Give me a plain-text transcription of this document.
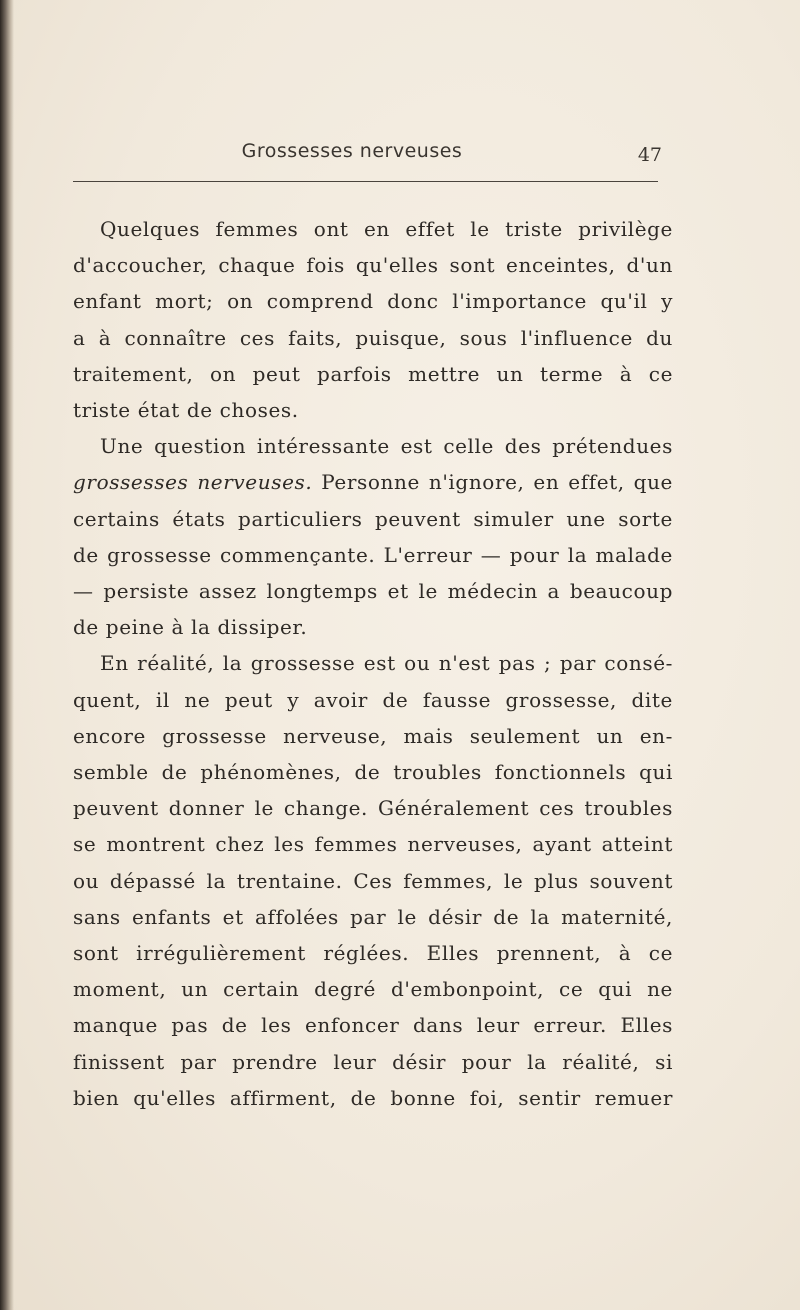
Grossesses nerveuses	47
Quelques femmes ont en effet le triste privilège
d'accoucher, chaque fois qu'elles sont enceintes, d'un
enfant mort; on comprend donc l'importance qu'il y
a à connaître ces faits, puisque, sous l'influence du
traitement, on peut parfois mettre un terme à ce
triste état de choses.
Une question intéressante est celle des prétendues
grossesses nerveuses. Personne n'ignore, en effet, que
certains états particuliers peuvent simuler une sorte
de grossesse commençante. L'erreur — pour la malade
— persiste assez longtemps et le médecin a beaucoup
de peine à la dissiper.
En réalité, la grossesse est ou n'est pas ; par consé-
quent, il ne peut y avoir de fausse grossesse, dite
encore grossesse nerveuse, mais seulement un en-
semble de phénomènes, de troubles fonctionnels qui
peuvent donner le change. Généralement ces troubles
se montrent chez les femmes nerveuses, ayant atteint
ou dépassé la trentaine. Ces femmes, le plus souvent
sans enfants et affolées par le désir de la maternité,
sont irrégulièrement réglées. Elles prennent, à ce
moment, un certain degré d'embonpoint, ce qui ne
manque pas de les enfoncer dans leur erreur. Elles
finissent par prendre leur désir pour la réalité, si
bien qu'elles affirment, de bonne foi, sentir remuer
